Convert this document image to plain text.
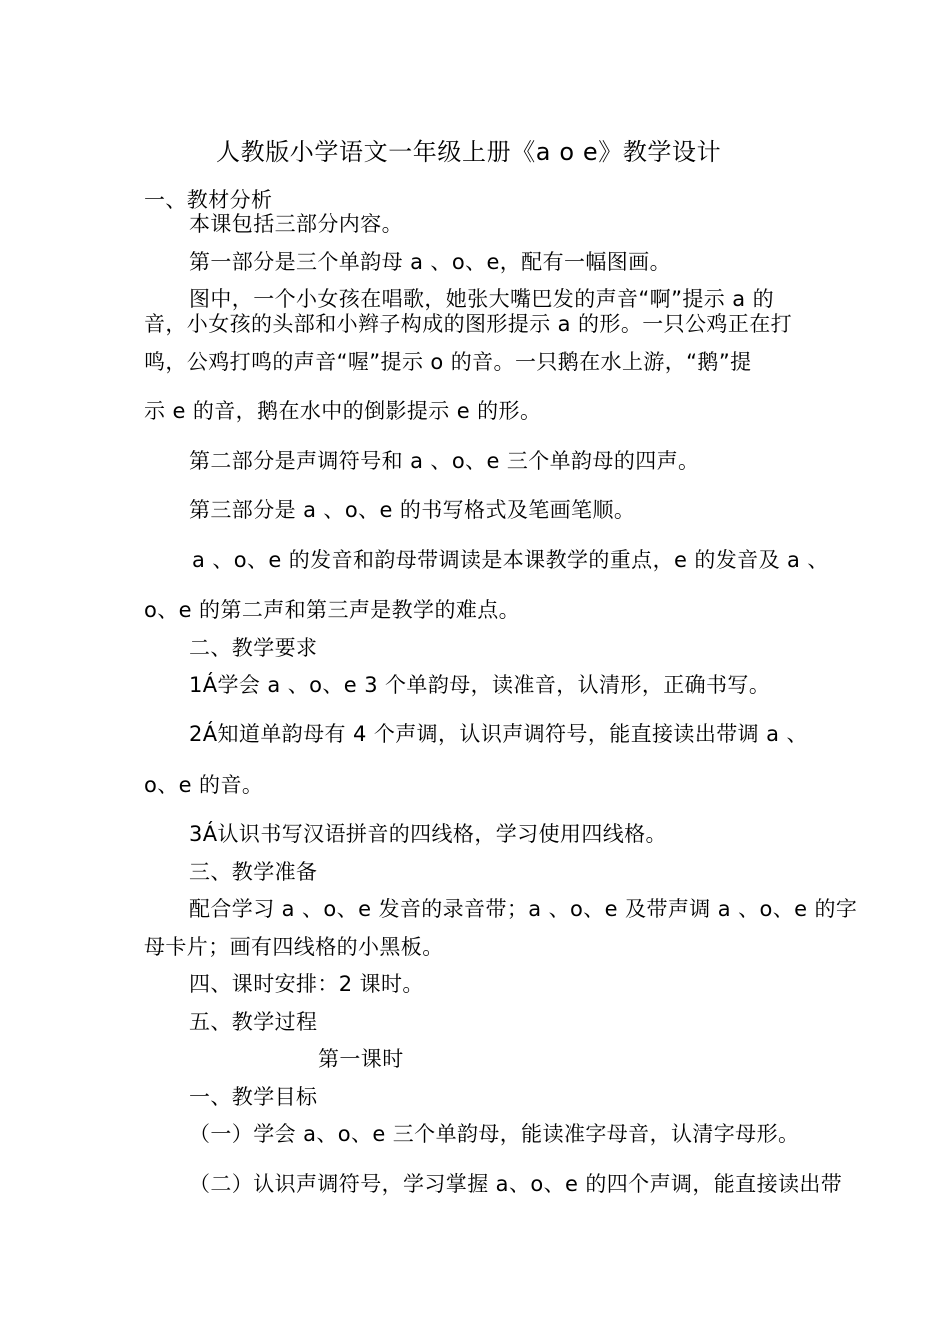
人教版小学语文一年级上册《a o e》教学设计
一、教材分析
本课包括三部分内容。
第一部分是三个单韵母 a 、o、e，配有一幅图画。
图中，一个小女孩在唱歌，她张大嘴巴发的声音“啊”提示 a 的
音，小女孩的头部和小辫子构成的图形提示 a 的形。一只公鸡正在打
鸣，公鸡打鸣的声音“喔”提示 o 的音。一只鹅在水上游，“鹅”提
示 e 的音，鹅在水中的倒影提示 e 的形。
第二部分是声调符号和 a 、o、e 三个单韵母的四声。
第三部分是 a 、o、e 的书写格式及笔画笔顺。
a 、o、e 的发音和韵母带调读是本课教学的重点，e 的发音及 a 、
o、e 的第二声和第三声是教学的难点。
二、教学要求
1Á学会 a 、o、e 3 个单韵母，读准音，认清形，正确书写。
2Á知道单韵母有 4 个声调，认识声调符号，能直接读出带调 a 、
o、e 的音。
3Á认识书写汉语拼音的四线格，学习使用四线格。
三、教学准备
配合学习 a 、o、e 发音的录音带；a 、o、e 及带声调 a 、o、e 的字
母卡片；画有四线格的小黑板。
四、课时安排：2 课时。
五、教学过程
第一课时
一、教学目标
（一）学会 a、o、e 三个单韵母，能读准字母音，认清字母形。
（二）认识声调符号，学习掌握 a、o、e 的四个声调，能直接读出带
